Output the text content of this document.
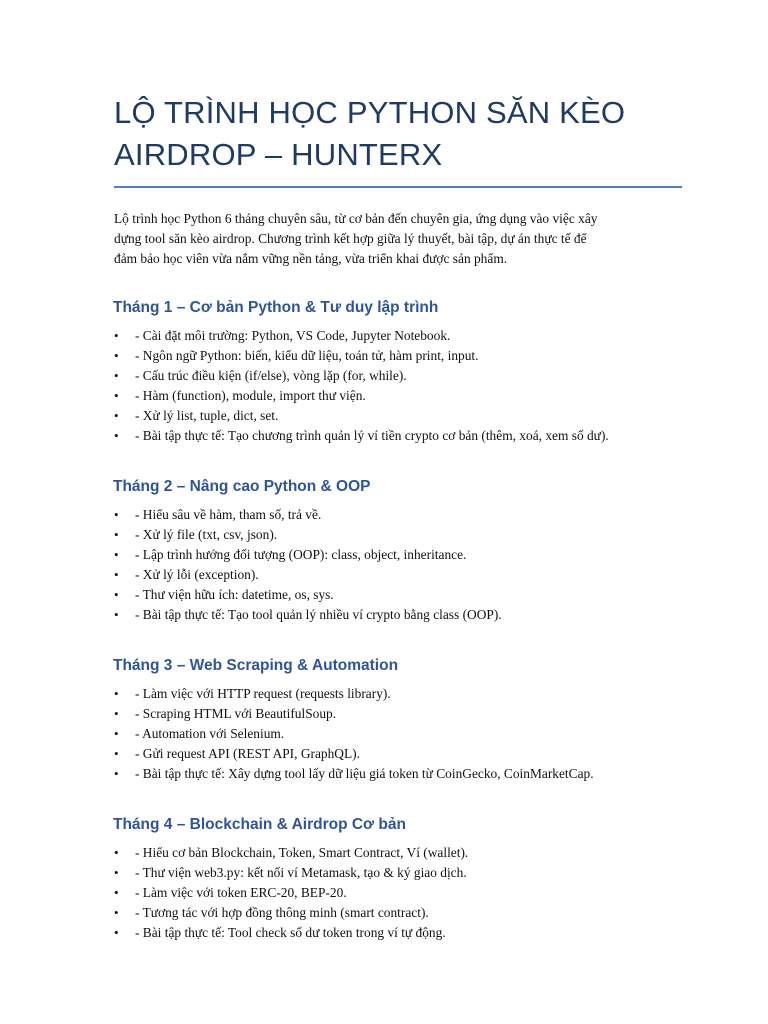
LỘ TRÌNH HỌC PYTHON SĂN KÈO
AIRDROP – HUNTERX

Lộ trình học Python 6 tháng chuyên sâu, từ cơ bản đến chuyên gia, ứng dụng vào việc xây
dựng tool săn kèo airdrop. Chương trình kết hợp giữa lý thuyết, bài tập, dự án thực tế để
đảm bảo học viên vừa nắm vững nền tảng, vừa triển khai được sản phẩm.

Tháng 1 – Cơ bản Python & Tư duy lập trình
• - Cài đặt môi trường: Python, VS Code, Jupyter Notebook.
• - Ngôn ngữ Python: biến, kiểu dữ liệu, toán tử, hàm print, input.
• - Cấu trúc điều kiện (if/else), vòng lặp (for, while).
• - Hàm (function), module, import thư viện.
• - Xử lý list, tuple, dict, set.
• - Bài tập thực tế: Tạo chương trình quản lý ví tiền crypto cơ bản (thêm, xoá, xem số dư).
Tháng 2 – Nâng cao Python & OOP
• - Hiểu sâu về hàm, tham số, trả về.
• - Xử lý file (txt, csv, json).
• - Lập trình hướng đối tượng (OOP): class, object, inheritance.
• - Xử lý lỗi (exception).
• - Thư viện hữu ích: datetime, os, sys.
• - Bài tập thực tế: Tạo tool quản lý nhiều ví crypto bằng class (OOP).
Tháng 3 – Web Scraping & Automation
• - Làm việc với HTTP request (requests library).
• - Scraping HTML với BeautifulSoup.
• - Automation với Selenium.
• - Gửi request API (REST API, GraphQL).
• - Bài tập thực tế: Xây dựng tool lấy dữ liệu giá token từ CoinGecko, CoinMarketCap.
Tháng 4 – Blockchain & Airdrop Cơ bản
• - Hiểu cơ bản Blockchain, Token, Smart Contract, Ví (wallet).
• - Thư viện web3.py: kết nối ví Metamask, tạo & ký giao dịch.
• - Làm việc với token ERC-20, BEP-20.
• - Tương tác với hợp đồng thông minh (smart contract).
• - Bài tập thực tế: Tool check số dư token trong ví tự động.
